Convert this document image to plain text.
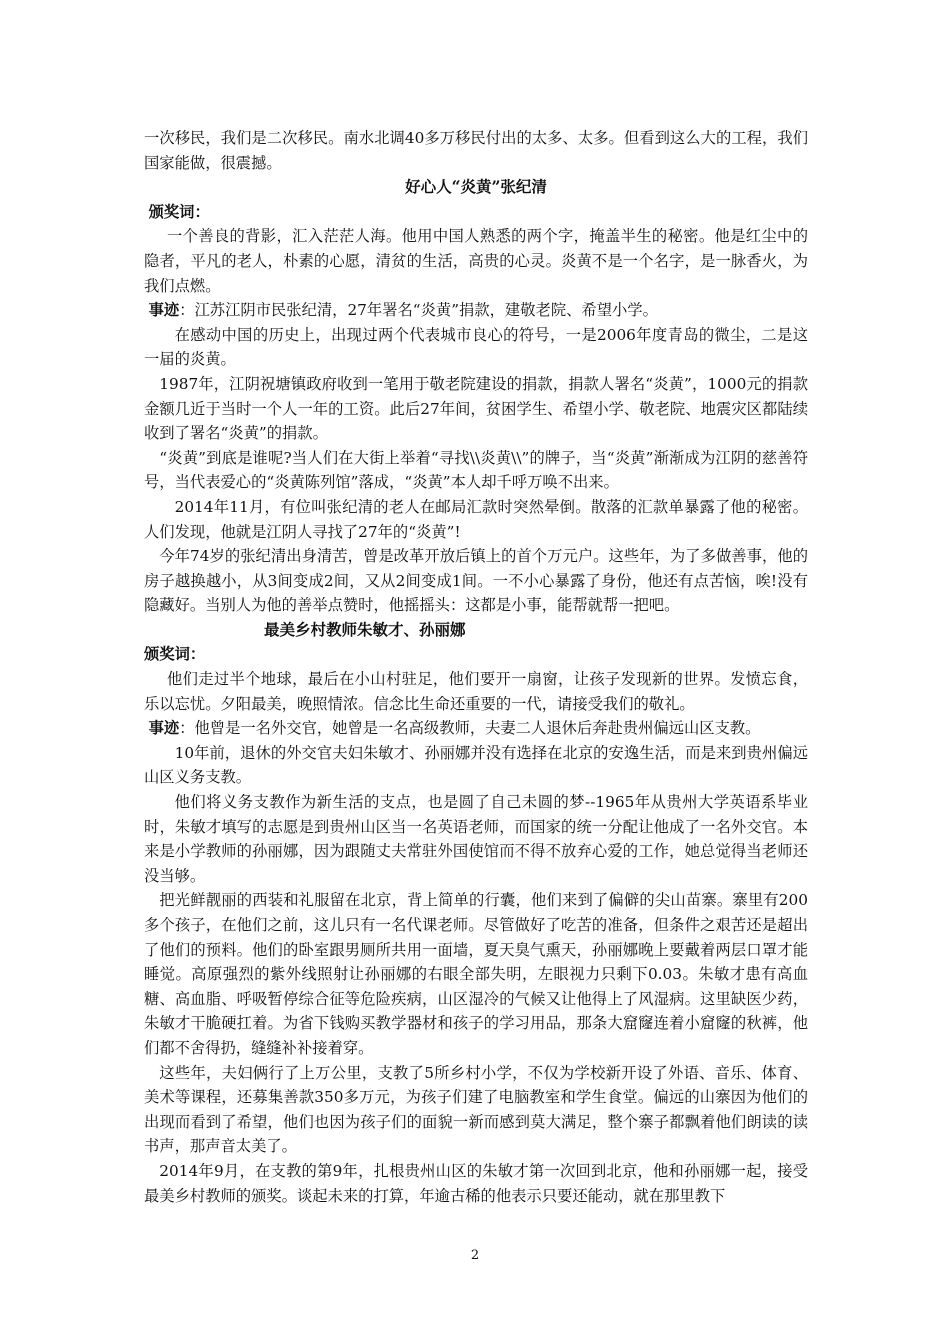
一次移民，我们是二次移民。南水北调40多万移民付出的太多、太多。但看到这么大的工程，我们国家能做，很震撼。

好心人“炎黄”张纪清

颁奖词：

一个善良的背影，汇入茫茫人海。他用中国人熟悉的两个字，掩盖半生的秘密。他是红尘中的隐者，平凡的老人，朴素的心愿，清贫的生活，高贵的心灵。炎黄不是一个名字，是一脉香火，为我们点燃。

事迹：江苏江阴市民张纪清，27年署名“炎黄”捐款，建敬老院、希望小学。

在感动中国的历史上，出现过两个代表城市良心的符号，一是2006年度青岛的微尘，二是这一届的炎黄。

1987年，江阴祝塘镇政府收到一笔用于敬老院建设的捐款，捐款人署名“炎黄”，1000元的捐款金额几近于当时一个人一年的工资。此后27年间，贫困学生、希望小学、敬老院、地震灾区都陆续收到了署名“炎黄”的捐款。

“炎黄”到底是谁呢?当人们在大街上举着“寻找\\炎黄\\”的牌子，当“炎黄”渐渐成为江阴的慈善符号，当代表爱心的“炎黄陈列馆”落成，“炎黄”本人却千呼万唤不出来。

2014年11月，有位叫张纪清的老人在邮局汇款时突然晕倒。散落的汇款单暴露了他的秘密。人们发现，他就是江阴人寻找了27年的“炎黄”!

今年74岁的张纪清出身清苦，曾是改革开放后镇上的首个万元户。这些年，为了多做善事，他的房子越换越小，从3间变成2间，又从2间变成1间。一不小心暴露了身份，他还有点苦恼，唉!没有隐藏好。当别人为他的善举点赞时，他摇摇头：这都是小事，能帮就帮一把吧。

最美乡村教师朱敏才、孙丽娜

颁奖词：

他们走过半个地球，最后在小山村驻足，他们要开一扇窗，让孩子发现新的世界。发愤忘食，乐以忘忧。夕阳最美，晚照情浓。信念比生命还重要的一代，请接受我们的敬礼。

事迹：他曾是一名外交官，她曾是一名高级教师，夫妻二人退休后奔赴贵州偏远山区支教。

10年前，退休的外交官夫妇朱敏才、孙丽娜并没有选择在北京的安逸生活，而是来到贵州偏远山区义务支教。

他们将义务支教作为新生活的支点，也是圆了自己未圆的梦--1965年从贵州大学英语系毕业时，朱敏才填写的志愿是到贵州山区当一名英语老师，而国家的统一分配让他成了一名外交官。本来是小学教师的孙丽娜，因为跟随丈夫常驻外国使馆而不得不放弃心爱的工作，她总觉得当老师还没当够。

把光鲜靓丽的西装和礼服留在北京，背上简单的行囊，他们来到了偏僻的尖山苗寨。寨里有200多个孩子，在他们之前，这儿只有一名代课老师。尽管做好了吃苦的准备，但条件之艰苦还是超出了他们的预料。他们的卧室跟男厕所共用一面墙，夏天臭气熏天，孙丽娜晚上要戴着两层口罩才能睡觉。高原强烈的紫外线照射让孙丽娜的右眼全部失明，左眼视力只剩下0.03。朱敏才患有高血糖、高血脂、呼吸暂停综合征等危险疾病，山区湿冷的气候又让他得上了风湿病。这里缺医少药，朱敏才干脆硬扛着。为省下钱购买教学器材和孩子的学习用品，那条大窟窿连着小窟窿的秋裤，他们都不舍得扔，缝缝补补接着穿。

这些年，夫妇俩行了上万公里，支教了5所乡村小学，不仅为学校新开设了外语、音乐、体育、美术等课程，还募集善款350多万元，为孩子们建了电脑教室和学生食堂。偏远的山寨因为他们的出现而看到了希望，他们也因为孩子们的面貌一新而感到莫大满足，整个寨子都飘着他们朗读的读书声，那声音太美了。

2014年9月，在支教的第9年，扎根贵州山区的朱敏才第一次回到北京，他和孙丽娜一起，接受最美乡村教师的颁奖。谈起未来的打算，年逾古稀的他表示只要还能动，就在那里教下

2
